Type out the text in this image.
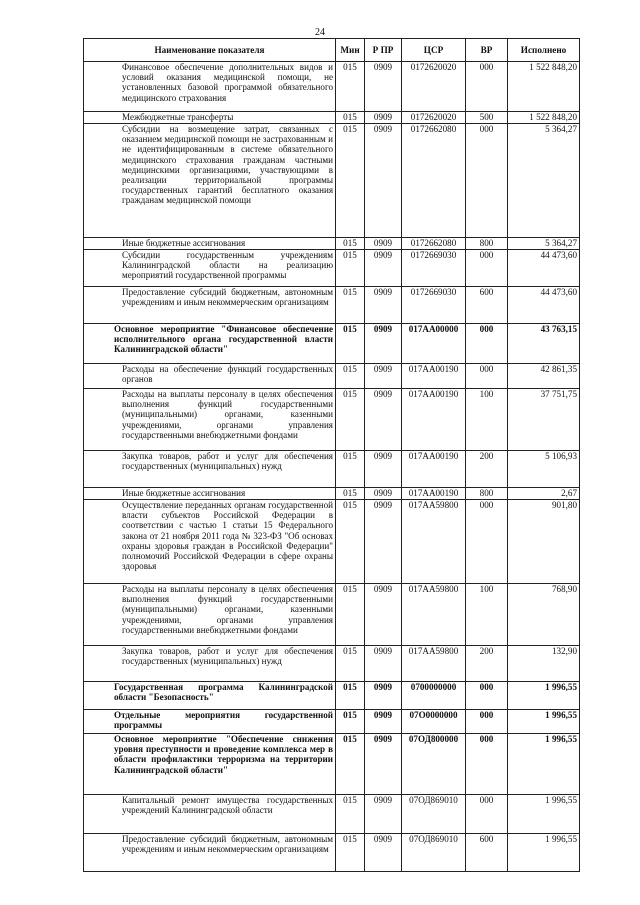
24
Наименование показателя	Мин	Р ПР	ЦСР	ВР	Исполнено

Финансовое обеспечение дополнительных видов и условий оказания медицинской помощи, не установленных базовой программой обязательного медицинского страхования	015	0909	0172620020	000	1 522 848,20

Межбюджетные трансферты	015	0909	0172620020	500	1 522 848,20

Субсидии на возмещение затрат, связанных с оказанием медицинской помощи не застрахованным и не идентифицированным в системе обязательного медицинского страхования гражданам частными медицинскими организациями, участвующими в реализации территориальной программы государственных гарантий бесплатного оказания гражданам медицинской помощи	015	0909	0172662080	000	5 364,27

Иные бюджетные ассигнования	015	0909	0172662080	800	5 364,27

Субсидии государственным учреждениям Калининградской области на реализацию мероприятий государственной программы	015	0909	0172669030	000	44 473,60

Предоставление субсидий бюджетным, автономным учреждениям и иным некоммерческим организациям	015	0909	0172669030	600	44 473,60

Основное мероприятие "Финансовое обеспечение исполнительного органа государственной власти Калининградской области"	015	0909	017АА00000	000	43 763,15

Расходы на обеспечение функций государственных органов	015	0909	017АА00190	000	42 861,35

Расходы на выплаты персоналу в целях обеспечения выполнения функций государственными (муниципальными) органами, казенными учреждениями, органами управления государственными внебюджетными фондами	015	0909	017АА00190	100	37 751,75

Закупка товаров, работ и услуг для обеспечения государственных (муниципальных) нужд	015	0909	017АА00190	200	5 106,93

Иные бюджетные ассигнования	015	0909	017АА00190	800	2,67

Осуществление переданных органам государственной власти субъектов Российской Федерации в соответствии с частью 1 статьи 15 Федерального закона от 21 ноября 2011 года № 323-ФЗ "Об основах охраны здоровья граждан в Российской Федерации" полномочий Российской Федерации в сфере охраны здоровья	015	0909	017АА59800	000	901,80

Расходы на выплаты персоналу в целях обеспечения выполнения функций государственными (муниципальными) органами, казенными учреждениями, органами управления государственными внебюджетными фондами	015	0909	017АА59800	100	768,90

Закупка товаров, работ и услуг для обеспечения государственных (муниципальных) нужд	015	0909	017АА59800	200	132,90

Государственная программа Калининградской области "Безопасность"	015	0909	0700000000	000	1 996,55

Отдельные мероприятия государственной программы	015	0909	07О0000000	000	1 996,55

Основное мероприятие "Обеспечение снижения уровня преступности и проведение комплекса мер в области профилактики терроризма на территории Калининградской области"	015	0909	07ОД800000	000	1 996,55

Капитальный ремонт имущества государственных учреждений Калининградской области	015	0909	07ОД869010	000	1 996,55

Предоставление субсидий бюджетным, автономным учреждениям и иным некоммерческим организациям	015	0909	07ОД869010	600	1 996,55
